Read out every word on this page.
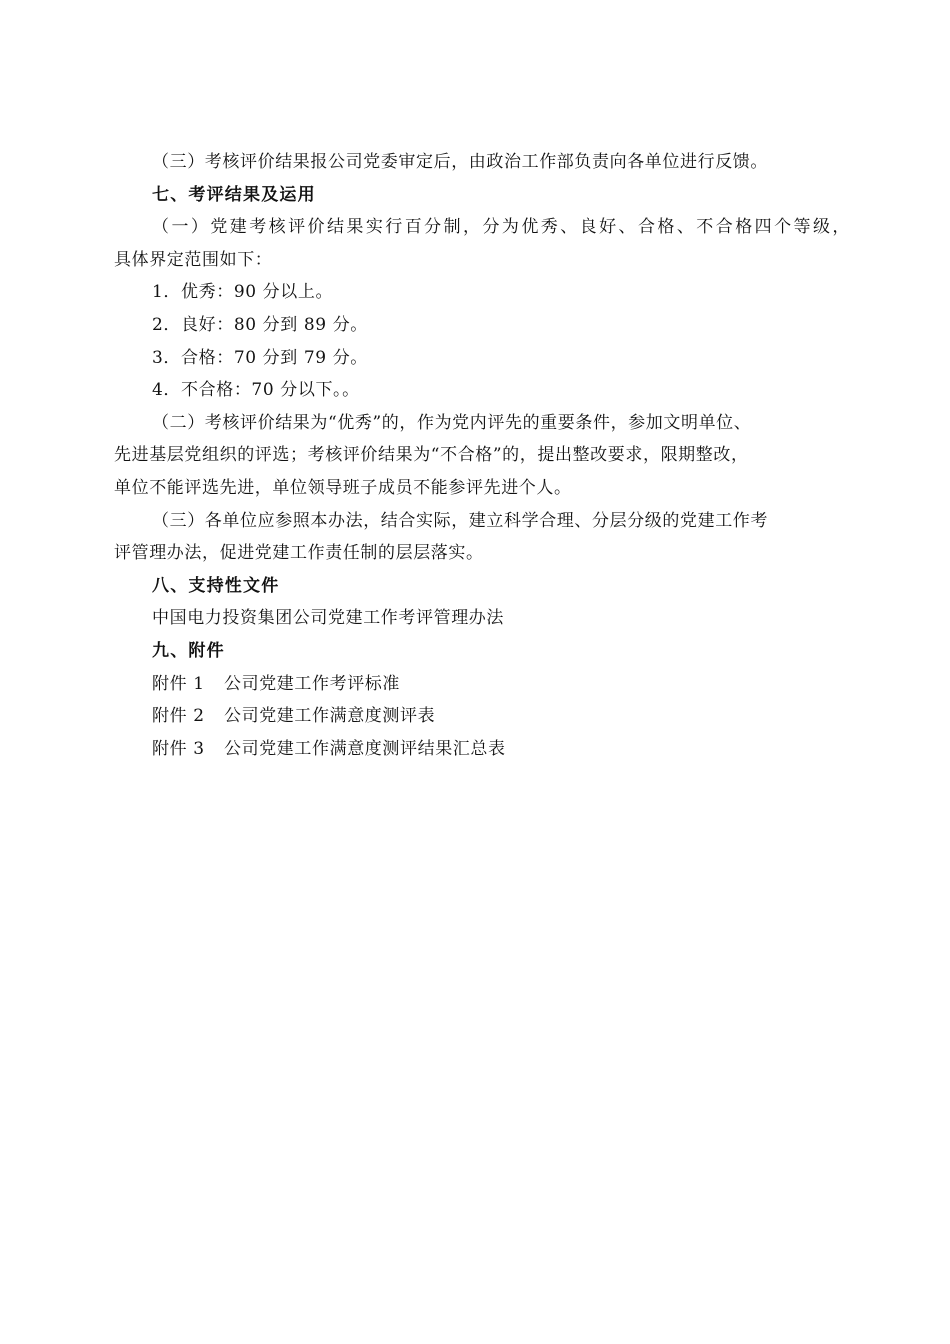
（三）考核评价结果报公司党委审定后，由政治工作部负责向各单位进行反馈。
七、考评结果及运用
（一）党建考核评价结果实行百分制，分为优秀、良好、合格、不合格四个等级，
具体界定范围如下：
1．优秀：90 分以上。
2．良好：80 分到 89 分。
3．合格：70 分到 79 分。
4．不合格：70 分以下。。
（二）考核评价结果为“优秀”的，作为党内评先的重要条件，参加文明单位、
先进基层党组织的评选；考核评价结果为“不合格”的，提出整改要求，限期整改，
单位不能评选先进，单位领导班子成员不能参评先进个人。
（三）各单位应参照本办法，结合实际，建立科学合理、分层分级的党建工作考
评管理办法，促进党建工作责任制的层层落实。
八、支持性文件
中国电力投资集团公司党建工作考评管理办法
九、附件
附件 1 公司党建工作考评标准
附件 2 公司党建工作满意度测评表
附件 3 公司党建工作满意度测评结果汇总表
